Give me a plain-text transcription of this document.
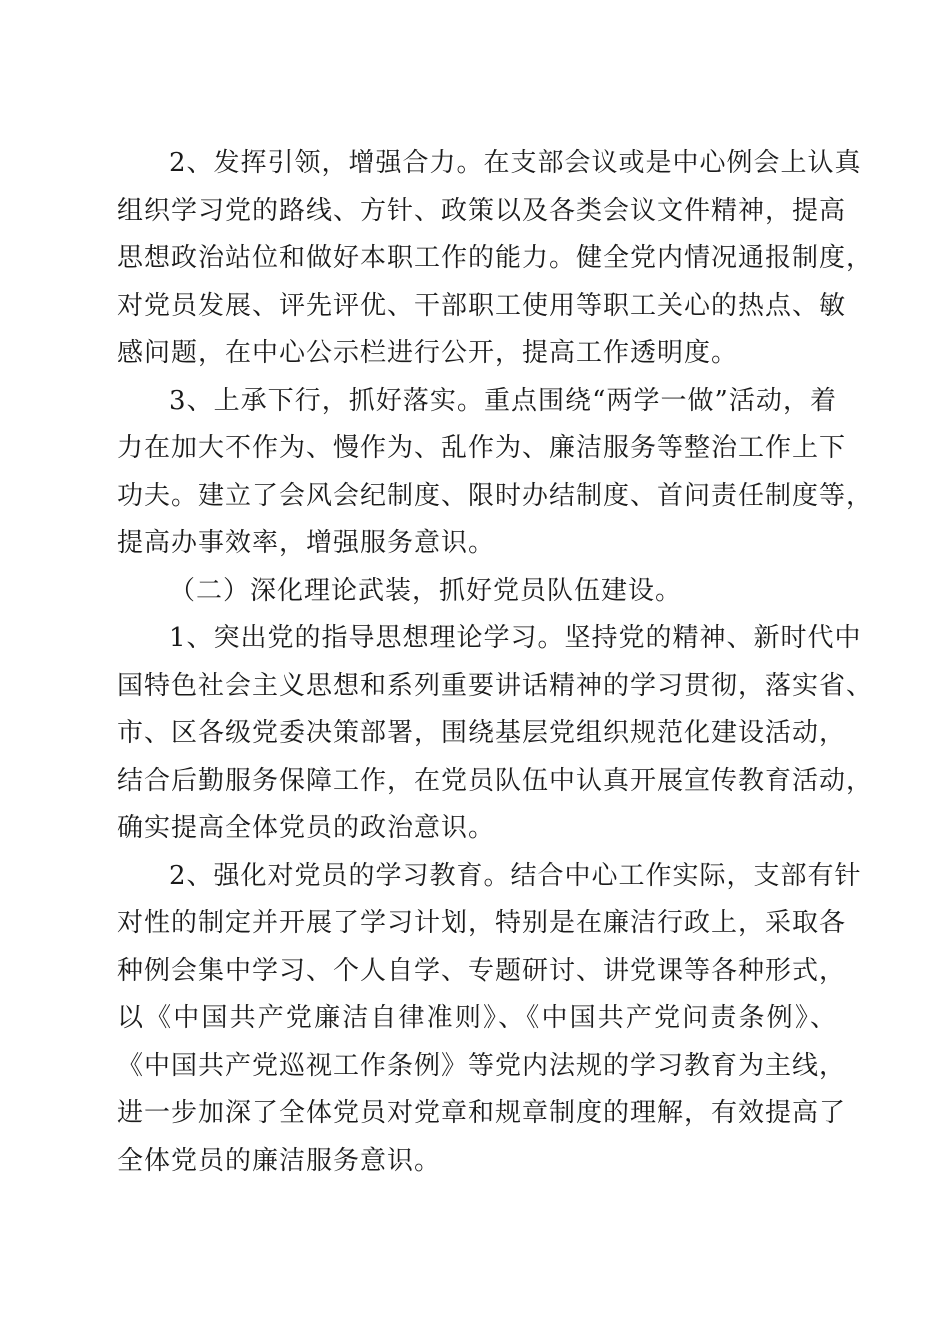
2、发挥引领，增强合力。在支部会议或是中心例会上认真
组织学习党的路线、方针、政策以及各类会议文件精神，提高
思想政治站位和做好本职工作的能力。健全党内情况通报制度，
对党员发展、评先评优、干部职工使用等职工关心的热点、敏
感问题，在中心公示栏进行公开，提高工作透明度。
3、上承下行，抓好落实。重点围绕“两学一做”活动，着
力在加大不作为、慢作为、乱作为、廉洁服务等整治工作上下
功夫。建立了会风会纪制度、限时办结制度、首问责任制度等，
提高办事效率，增强服务意识。
（二）深化理论武装，抓好党员队伍建设。
1、突出党的指导思想理论学习。坚持党的精神、新时代中
国特色社会主义思想和系列重要讲话精神的学习贯彻，落实省、
市、区各级党委决策部署，围绕基层党组织规范化建设活动，
结合后勤服务保障工作，在党员队伍中认真开展宣传教育活动，
确实提高全体党员的政治意识。
2、强化对党员的学习教育。结合中心工作实际，支部有针
对性的制定并开展了学习计划，特别是在廉洁行政上，采取各
种例会集中学习、个人自学、专题研讨、讲党课等各种形式，
以《中国共产党廉洁自律准则》、《中国共产党问责条例》、
《中国共产党巡视工作条例》等党内法规的学习教育为主线，
进一步加深了全体党员对党章和规章制度的理解，有效提高了
全体党员的廉洁服务意识。
